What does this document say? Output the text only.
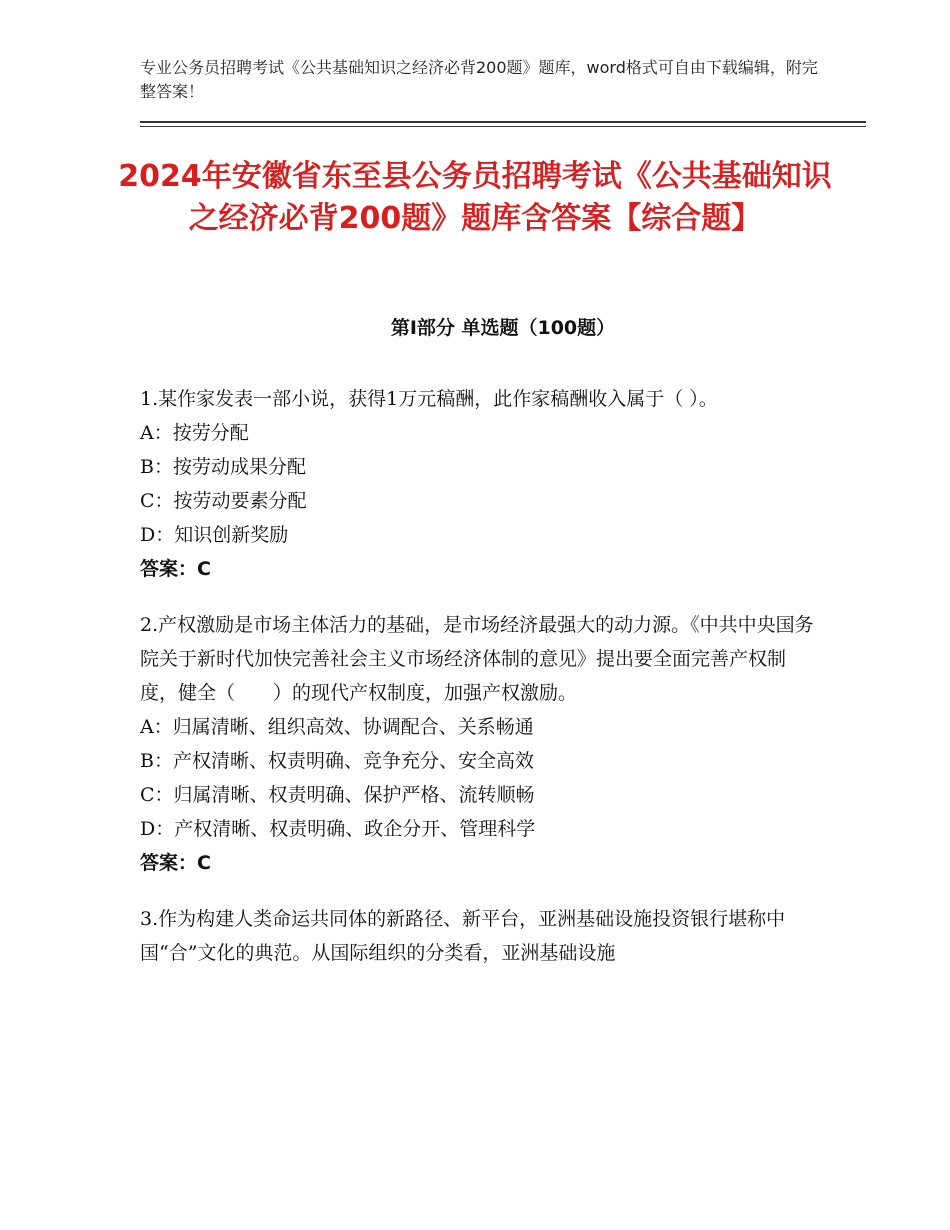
专业公务员招聘考试《公共基础知识之经济必背200题》题库，word格式可自由下载编辑，附完整答案！
2024年安徽省东至县公务员招聘考试《公共基础知识之经济必背200题》题库含答案【综合题】
第Ⅰ部分 单选题（100题）

1.某作家发表一部小说，获得1万元稿酬，此作家稿酬收入属于（ ）。

A：按劳分配

B：按劳动成果分配

C：按劳动要素分配

D：知识创新奖励

答案：C

2.产权激励是市场主体活力的基础，是市场经济最强大的动力源。《中共中央国务院关于新时代加快完善社会主义市场经济体制的意见》提出要全面完善产权制度，健全（　　）的现代产权制度，加强产权激励。

A：归属清晰、组织高效、协调配合、关系畅通

B：产权清晰、权责明确、竞争充分、安全高效

C：归属清晰、权责明确、保护严格、流转顺畅

D：产权清晰、权责明确、政企分开、管理科学

答案：C

3.作为构建人类命运共同体的新路径、新平台，亚洲基础设施投资银行堪称中国“合”文化的典范。从国际组织的分类看，亚洲基础设施
